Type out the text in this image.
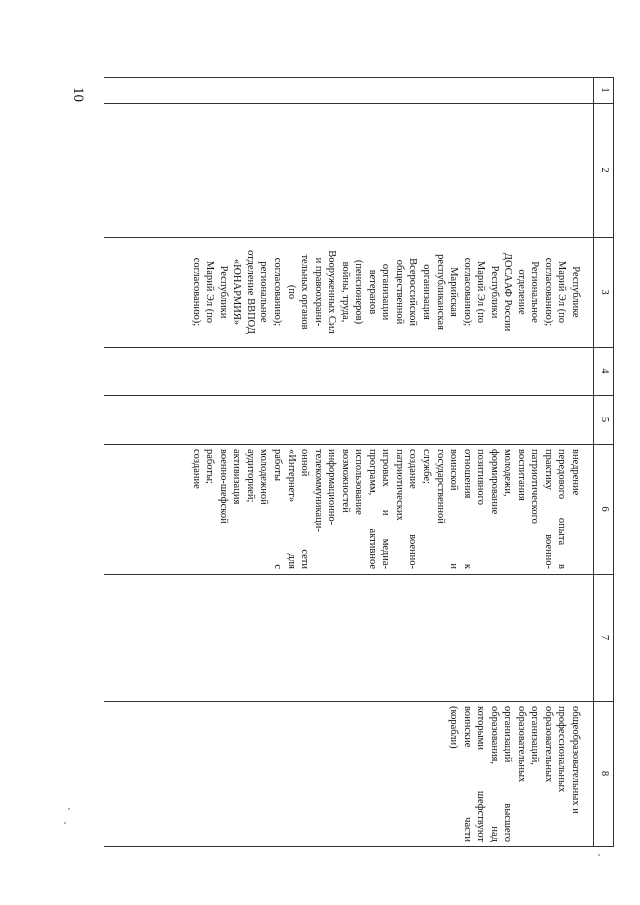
10	1
2
3
4
5
6
7
8
Республике
Марий Эл (по
согласованию);
Региональное
отделение
ДОСААФ России
Республики
Марий Эл (по
согласованию);
Марийская
республиканская
организация
Всероссийской
общественной
организации
ветеранов
(пенсионеров)
войны, труда,
Вооруженных Сил
и правоохрани-
тельных органов
(по
согласованию);
региональное
отделение ВВПОД
«ЮНАРМИЯ»
Республики
Марий Эл (по
согласованию);
внедрение
передового опыта в
практику военно-
патриотического
воспитания
молодежи,
формирование
позитивного
отношения к
воинской и
государственной
службе;
создание военно-
патриотических
игровых и медиа-
программ, активное
использование
возможностей
информационно-
телекоммуникаци-
онной сети
«Интернет» для
работы с
молодежной
аудиторией;
активизация
военно-шефской
работы;
создание
общеобразовательных и
профессиональных
образовательных
организаций,
образовательных
организаций высшего
образования, над
которыми шефствуют
воинские части
(корабли)
